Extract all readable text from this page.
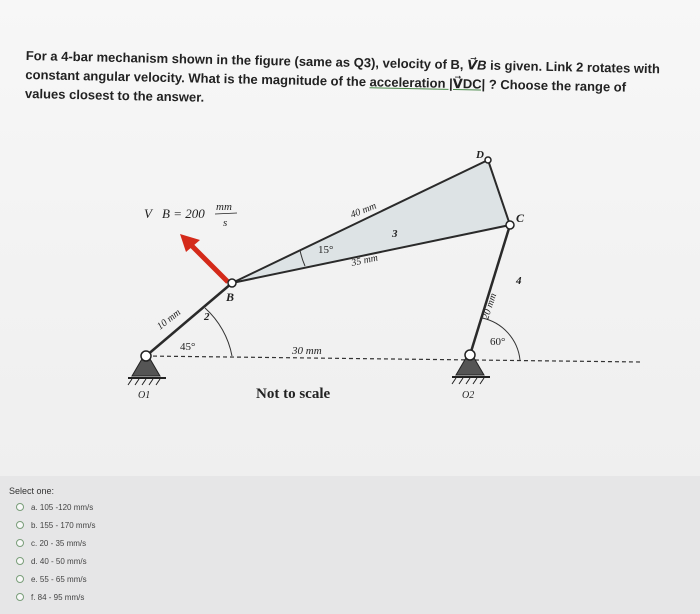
For a 4-bar mechanism shown in the figure (same as Q3), velocity of B, V⃗B is given. Link 2 rotates with constant angular velocity. What is the magnitude of the acceleration |V⃗DC| ? Choose the range of values closest to the answer.
V⃗B = 200 mm
s
B
C
D
2
3
4
10 mm
40 mm
35 mm
20 mm
30 mm
45°
15°
60°
O1	O2
Not to scale
Select one:
a. 105 -120 mm/s
b. 155 - 170 mm/s
c. 20 - 35 mm/s
d. 40 - 50 mm/s
e. 55 - 65 mm/s
f. 84 - 95 mm/s
